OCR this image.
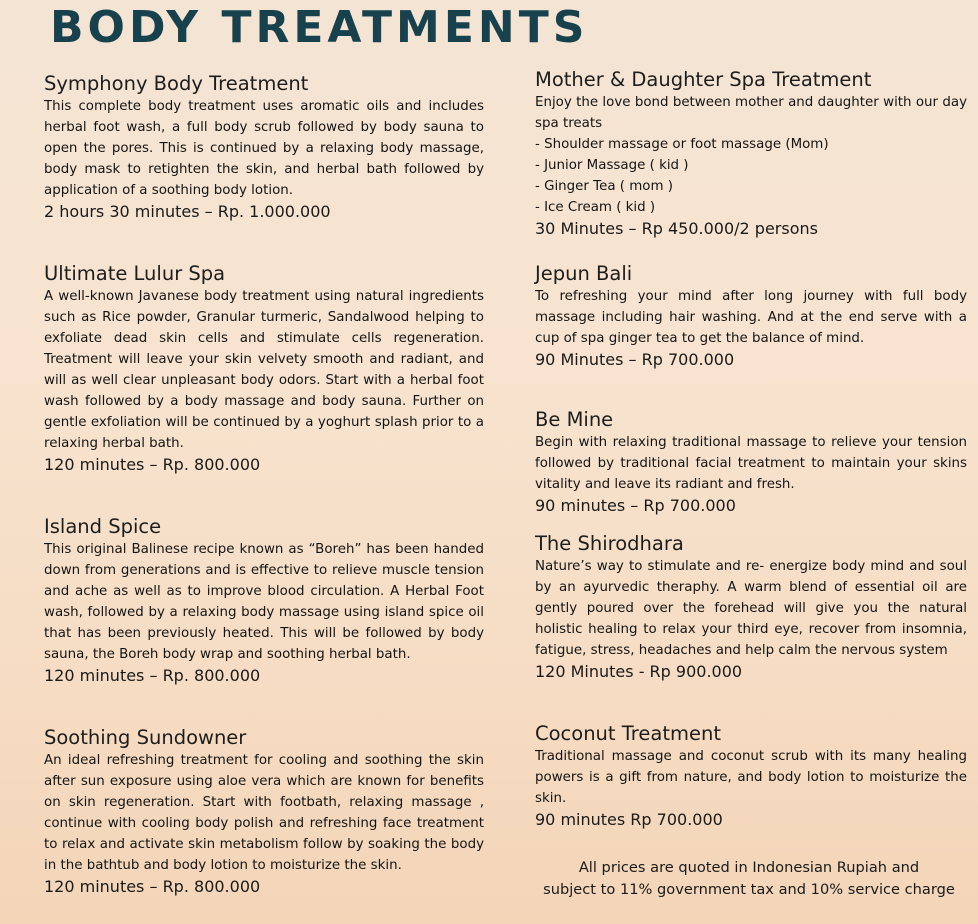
BODY TREATMENTS
Symphony Body Treatment

This complete body treatment uses aromatic oils and includes herbal foot wash, a full body scrub followed by body sauna to open the pores. This is continued by a relaxing body massage, body mask to retighten the skin, and herbal bath followed by application of a soothing body lotion.

2 hours 30 minutes – Rp. 1.000.000

Ultimate Lulur Spa

A well-known Javanese body treatment using natural ingredients such as Rice powder, Granular turmeric, Sandalwood helping to exfoliate dead skin cells and stimulate cells regeneration. Treatment will leave your skin velvety smooth and radiant, and will as well clear unpleasant body odors. Start with a herbal foot wash followed by a body massage and body sauna. Further on gentle exfoliation will be continued by a yoghurt splash prior to a relaxing herbal bath.

120 minutes – Rp. 800.000

Island Spice

This original Balinese recipe known as “Boreh” has been handed down from generations and is effective to relieve muscle tension and ache as well as to improve blood circulation. A Herbal Foot wash, followed by a relaxing body massage using island spice oil that has been previously heated. This will be followed by body sauna, the Boreh body wrap and soothing herbal bath.

120 minutes – Rp. 800.000

Soothing Sundowner

An ideal refreshing treatment for cooling and soothing the skin after sun exposure using aloe vera which are known for benefits on skin regeneration. Start with footbath, relaxing massage , continue with cooling body polish and refreshing face treatment to relax and activate skin metabolism follow by soaking the body in the bathtub and body lotion to moisturize the skin.

120 minutes – Rp. 800.000

Mother & Daughter Spa Treatment

Enjoy the love bond between mother and daughter with our day spa treats

- Shoulder massage or foot massage (Mom)

- Junior Massage ( kid )

- Ginger Tea ( mom )

- Ice Cream ( kid )

30 Minutes – Rp 450.000/2 persons

Jepun Bali

To refreshing your mind after long journey with full body massage including hair washing. And at the end serve with a cup of spa ginger tea to get the balance of mind.

90 Minutes – Rp 700.000

Be Mine

Begin with relaxing traditional massage to relieve your tension followed by traditional facial treatment to maintain your skins vitality and leave its radiant and fresh.

90 minutes – Rp 700.000

The Shirodhara

Nature’s way to stimulate and re- energize body mind and soul by an ayurvedic theraphy. A warm blend of essential oil are gently poured over the forehead will give you the natural holistic healing to relax your third eye, recover from insomnia, fatigue, stress, headaches and help calm the nervous system

120 Minutes - Rp 900.000

Coconut Treatment

Traditional massage and coconut scrub with its many healing powers is a gift from nature, and body lotion to moisturize the skin.

90 minutes Rp 700.000

All prices are quoted in Indonesian Rupiah and

subject to 11% government tax and 10% service charge
